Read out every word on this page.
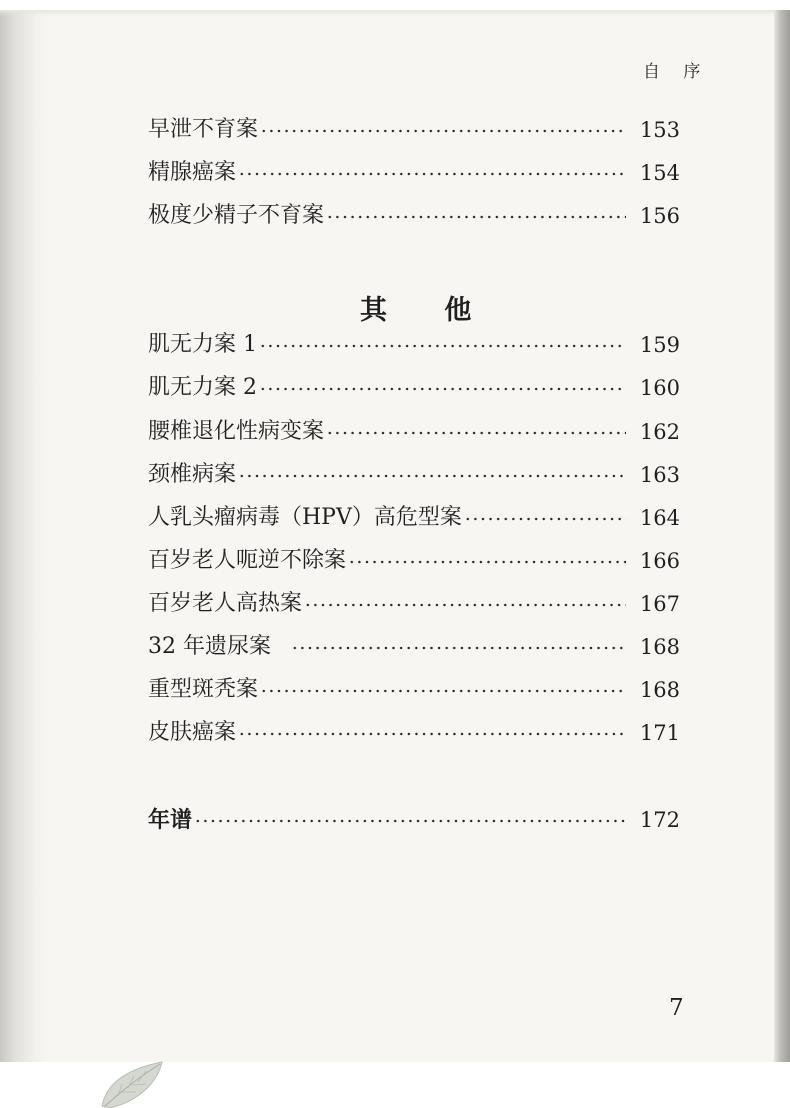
自 序
早泄不育案	153
精腺癌案	154
极度少精子不育案	156
其 他
肌无力案 1	159
肌无力案 2	160
腰椎退化性病变案	162
颈椎病案	163
人乳头瘤病毒（HPV）高危型案	164
百岁老人呃逆不除案	166
百岁老人高热案	167
32 年遗尿案	168
重型斑秃案	168
皮肤癌案	171
年谱	172
7
